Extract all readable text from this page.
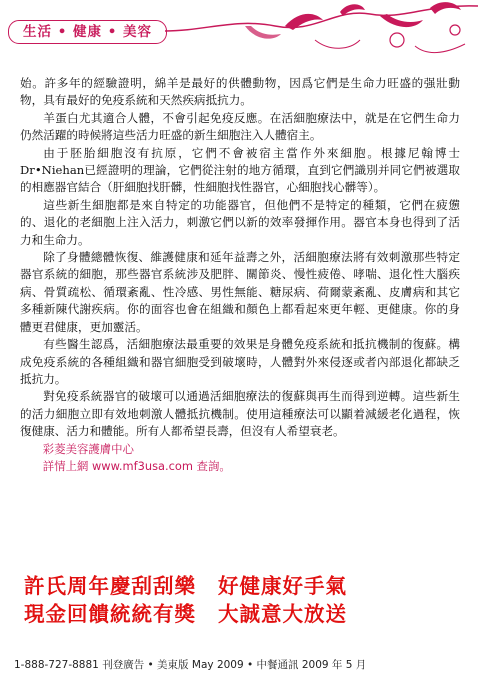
生活 • 健康 • 美容

始。許多年的經驗證明，綿羊是最好的供體動物，因爲它們是生命力旺盛的强壯動物，具有最好的免疫系統和天然疾病抵抗力。

羊蛋白尤其適合人體，不會引起免疫反應。在活細胞療法中，就是在它們生命力仍然活躍的時候將這些活力旺盛的新生細胞注入人體宿主。

由于胚胎細胞沒有抗原，它們不會被宿主當作外來細胞。根據尼翰博士Dr•Niehan已經證明的理論，它們從注射的地方循環，直到它們識別并同它們被選取的相應器官結合（肝細胞找肝髒，性細胞找性器官，心細胞找心髒等）。

這些新生細胞都是來自特定的功能器官，但他們不是特定的種類，它們在疲憊的、退化的老細胞上注入活力，刺激它們以新的效率發揮作用。器官本身也得到了活力和生命力。

除了身體總體恢復、維護健康和延年益壽之外，活細胞療法將有效刺激那些特定器官系統的細胞，那些器官系統涉及肥胖、關節炎、慢性疲倦、哮喘、退化性大腦疾病、骨質疏松、循環紊亂、性冷感、男性無能、糖尿病、荷爾蒙紊亂、皮膚病和其它多種新陳代謝疾病。你的面容也會在組織和顏色上都看起來更年輕、更健康。你的身體更君健康，更加靈活。

有些醫生認爲，活細胞療法最重要的效果是身體免疫系統和抵抗機制的復蘇。構成免疫系統的各種組織和器官細胞受到破壞時，人體對外來侵逐或者內部退化都缺乏抵抗力。

對免疫系統器官的破壞可以通過活細胞療法的復蘇與再生而得到逆轉。這些新生的活力細胞立即有效地刺激人體抵抗機制。使用這種療法可以顯着減緩老化過程，恢復健康、活力和體能。所有人都希望長壽，但沒有人希望衰老。

彩菱美容護膚中心
詳情上網 www.mf3usa.com 查詢。
許氏周年慶刮刮樂 好健康好手氣
現金回饋統統有獎 大誠意大放送
1-888-727-8881 刊登廣告 • 美東版 May 2009 • 中餐通訊 2009 年 5 月
